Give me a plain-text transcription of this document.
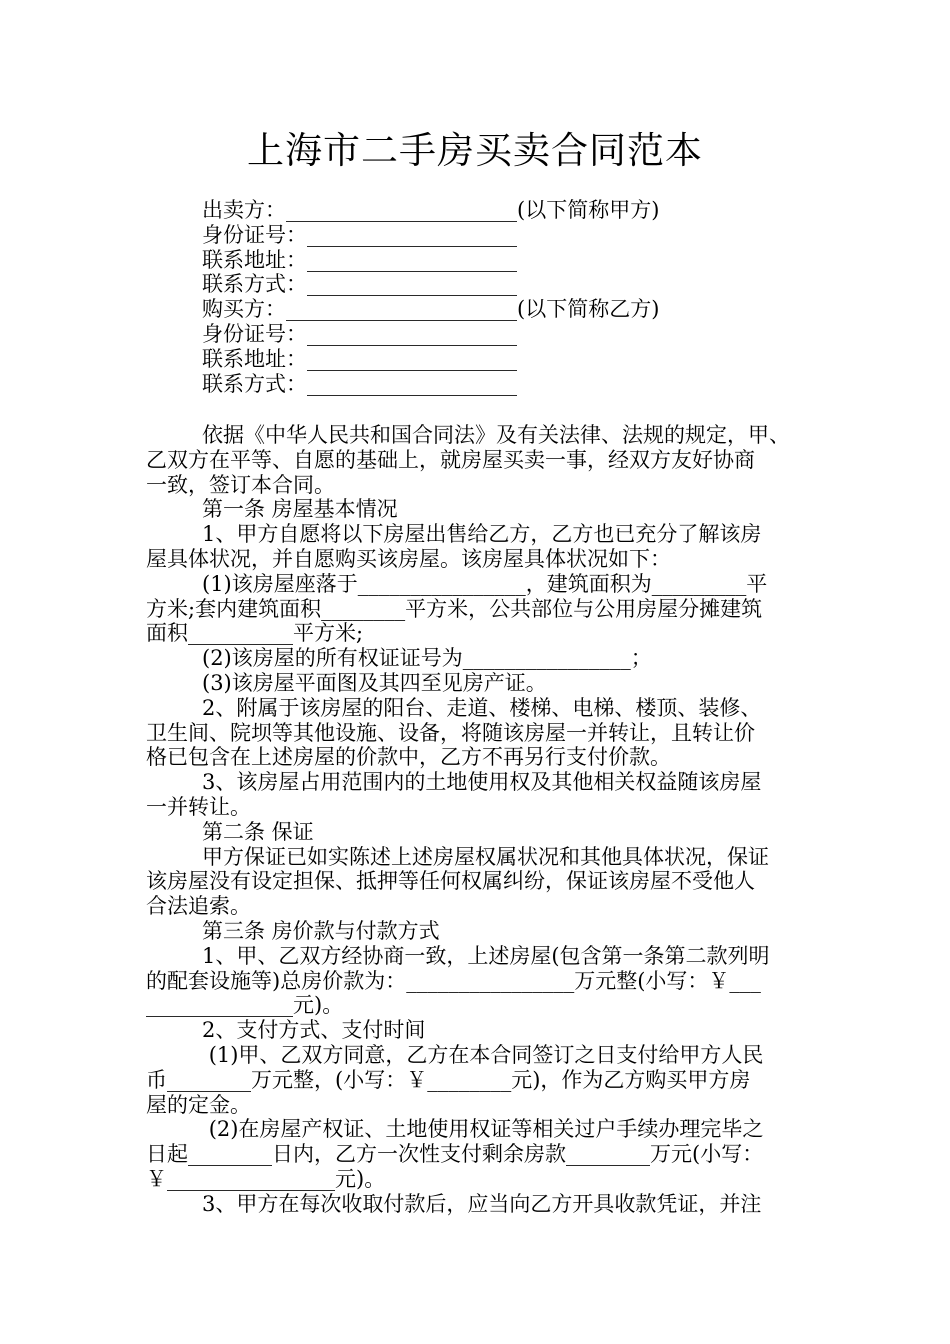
上海市二手房买卖合同范本
出卖方：______________________(以下简称甲方)
身份证号：____________________
联系地址：____________________
联系方式：____________________
购买方：______________________(以下简称乙方)
身份证号：____________________
联系地址：____________________
联系方式：____________________

依据《中华人民共和国合同法》及有关法律、法规的规定，甲、
乙双方在平等、自愿的基础上，就房屋买卖一事，经双方友好协商
一致，签订本合同。

第一条 房屋基本情况

1、甲方自愿将以下房屋出售给乙方，乙方也已充分了解该房
屋具体状况，并自愿购买该房屋。该房屋具体状况如下：

(1)该房屋座落于________________，建筑面积为_________平
方米;套内建筑面积________平方米，公共部位与公用房屋分摊建筑
面积__________平方米;

(2)该房屋的所有权证证号为________________；

(3)该房屋平面图及其四至见房产证。

2、附属于该房屋的阳台、走道、楼梯、电梯、楼顶、装修、
卫生间、院坝等其他设施、设备，将随该房屋一并转让，且转让价
格已包含在上述房屋的价款中，乙方不再另行支付价款。

3、该房屋占用范围内的土地使用权及其他相关权益随该房屋
一并转让。

第二条 保证

甲方保证已如实陈述上述房屋权属状况和其他具体状况，保证
该房屋没有设定担保、抵押等任何权属纠纷，保证该房屋不受他人
合法追索。

第三条 房价款与付款方式

1、甲、乙双方经协商一致，上述房屋(包含第一条第二款列明
的配套设施等)总房价款为：________________万元整(小写：￥___
______________元)。

2、支付方式、支付时间

(1)甲、乙双方同意，乙方在本合同签订之日支付给甲方人民
币________万元整，(小写：￥________元)，作为乙方购买甲方房
屋的定金。

(2)在房屋产权证、土地使用权证等相关过户手续办理完毕之
日起________日内，乙方一次性支付剩余房款________万元(小写：
￥________________元)。

3、甲方在每次收取付款后，应当向乙方开具收款凭证，并注
